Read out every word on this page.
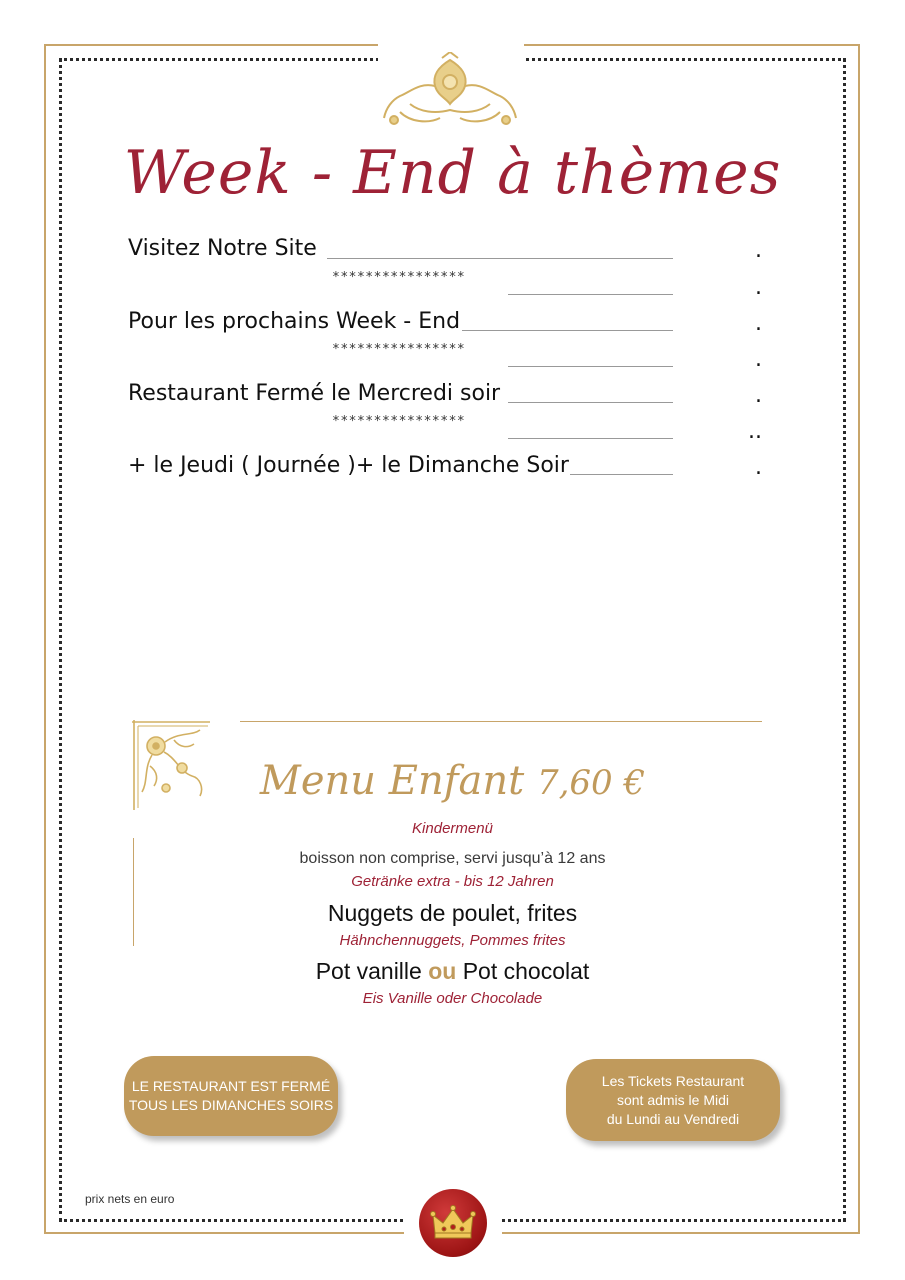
Week - End à thèmes
Visitez Notre Site	.
****************	.
Pour les prochains Week - End	.
****************	.
Restaurant Fermé le Mercredi soir	.
****************	..
+ le Jeudi ( Journée )+ le Dimanche Soir	.
Menu Enfant 7,60 €
Kindermenü
boisson non comprise, servi jusqu’à 12 ans
Getränke extra - bis 12 Jahren
Nuggets de poulet, frites
Hähnchennuggets, Pommes frites
Pot vanille ou Pot chocolat
Eis Vanille oder Chocolade
LE RESTAURANT EST FERMÉ
TOUS LES DIMANCHES SOIRS
Les Tickets Restaurant
sont admis le Midi
du Lundi au Vendredi
prix nets en euro
